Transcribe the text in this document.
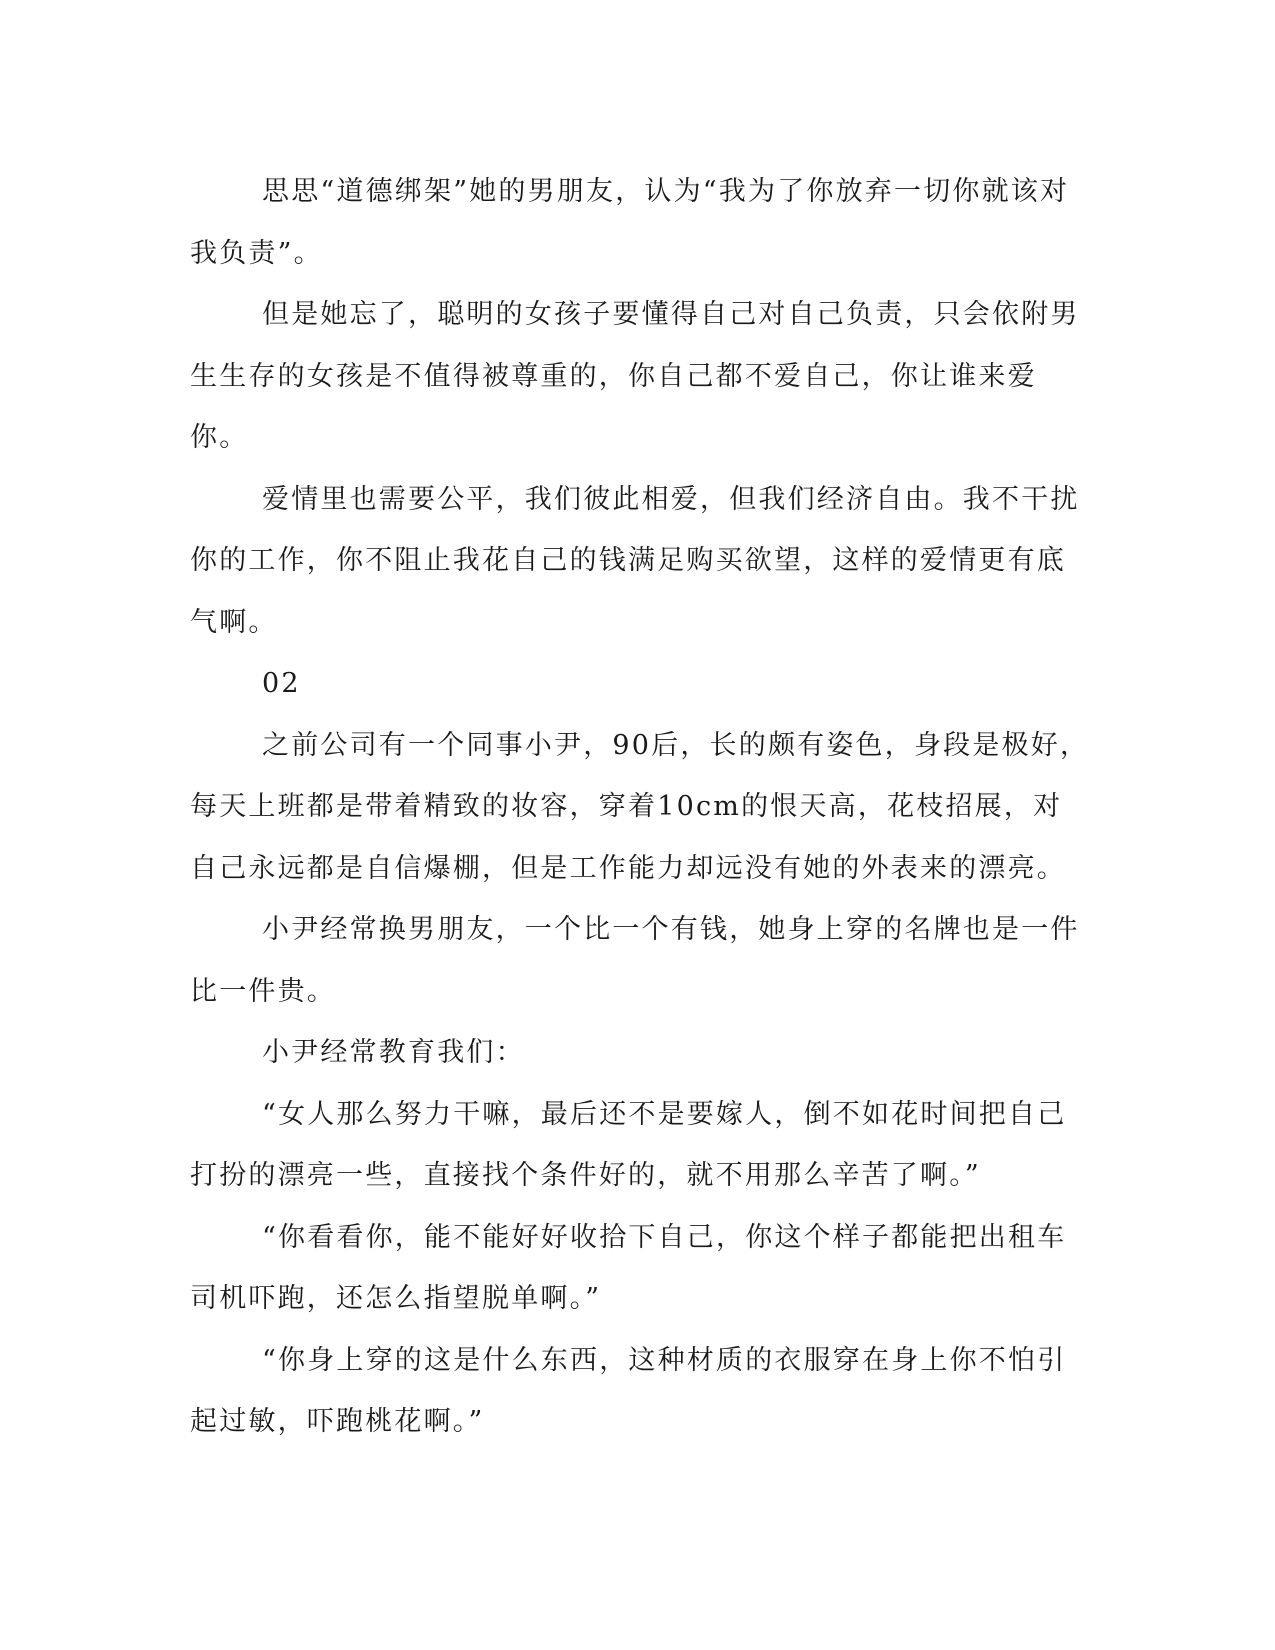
思思“道德绑架”她的男朋友，认为“我为了你放弃一切你就该对我负责”。

但是她忘了，聪明的女孩子要懂得自己对自己负责，只会依附男生生存的女孩是不值得被尊重的，你自己都不爱自己，你让谁来爱你。

爱情里也需要公平，我们彼此相爱，但我们经济自由。我不干扰你的工作，你不阻止我花自己的钱满足购买欲望，这样的爱情更有底气啊。

02

之前公司有一个同事小尹，90后，长的颇有姿色，身段是极好，每天上班都是带着精致的妆容，穿着10cm的恨天高，花枝招展，对自己永远都是自信爆棚，但是工作能力却远没有她的外表来的漂亮。

小尹经常换男朋友，一个比一个有钱，她身上穿的名牌也是一件比一件贵。

小尹经常教育我们：

“女人那么努力干嘛，最后还不是要嫁人，倒不如花时间把自己打扮的漂亮一些，直接找个条件好的，就不用那么辛苦了啊。”

“你看看你，能不能好好收拾下自己，你这个样子都能把出租车司机吓跑，还怎么指望脱单啊。”

“你身上穿的这是什么东西，这种材质的衣服穿在身上你不怕引起过敏，吓跑桃花啊。”
